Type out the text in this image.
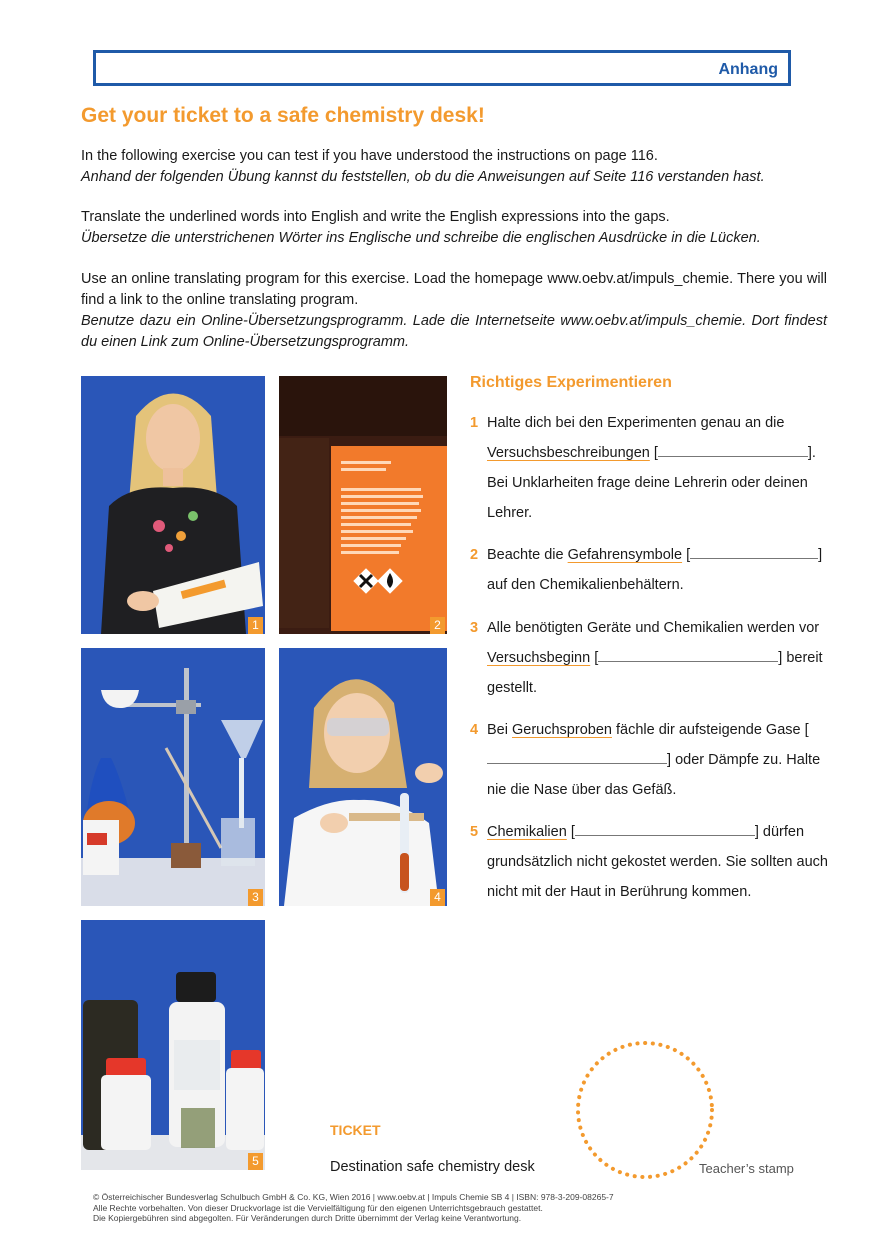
Anhang
Get your ticket to a safe chemistry desk!

In the following exercise you can test if you have understood the instructions on page 116.

Anhand der folgenden Übung kannst du feststellen, ob du die Anweisungen auf Seite 116 verstanden hast.

Translate the underlined words into English and write the English expressions into the gaps.

Übersetze die unterstrichenen Wörter ins Englische und schreibe die englischen Ausdrücke in die Lücken.

Use an online translating program for this exercise. Load the homepage www.oebv.at/impuls_chemie. There you will find a link to the online translating program.

Benutze dazu ein Online-Übersetzungsprogramm. Lade die Internetseite www.oebv.at/impuls_chemie. Dort findest du einen Link zum Online-Übersetzungsprogramm.

1	2
3	4
5
Richtiges Experimentieren
1 Halte dich bei den Experimenten genau an die Versuchsbeschreibungen [	]. Bei Unklarheiten frage deine Lehrerin oder deinen Lehrer.
2 Beachte die Gefahrensymbole [	] auf den Chemikalienbehältern.
3 Alle benötigten Geräte und Chemikalien werden vor Versuchsbeginn [	] bereit gestellt.
4 Bei Geruchsproben fächle dir aufsteigende Gase [] oder Dämpfe zu. Halte nie die Nase über das Gefäß.
5 Chemikalien [	] dürfen grundsätzlich nicht gekostet werden. Sie sollten auch nicht mit der Haut in Berührung kommen.
TICKET
Destination safe chemistry desk	Teacher’s stamp
© Österreichischer Bundesverlag Schulbuch GmbH & Co. KG, Wien 2016 | www.oebv.at | Impuls Chemie SB 4 | ISBN: 978-3-209-08265-7
Alle Rechte vorbehalten. Von dieser Druckvorlage ist die Vervielfältigung für den eigenen Unterrichtsgebrauch gestattet.
Die Kopiergebühren sind abgegolten. Für Veränderungen durch Dritte übernimmt der Verlag keine Verantwortung.
